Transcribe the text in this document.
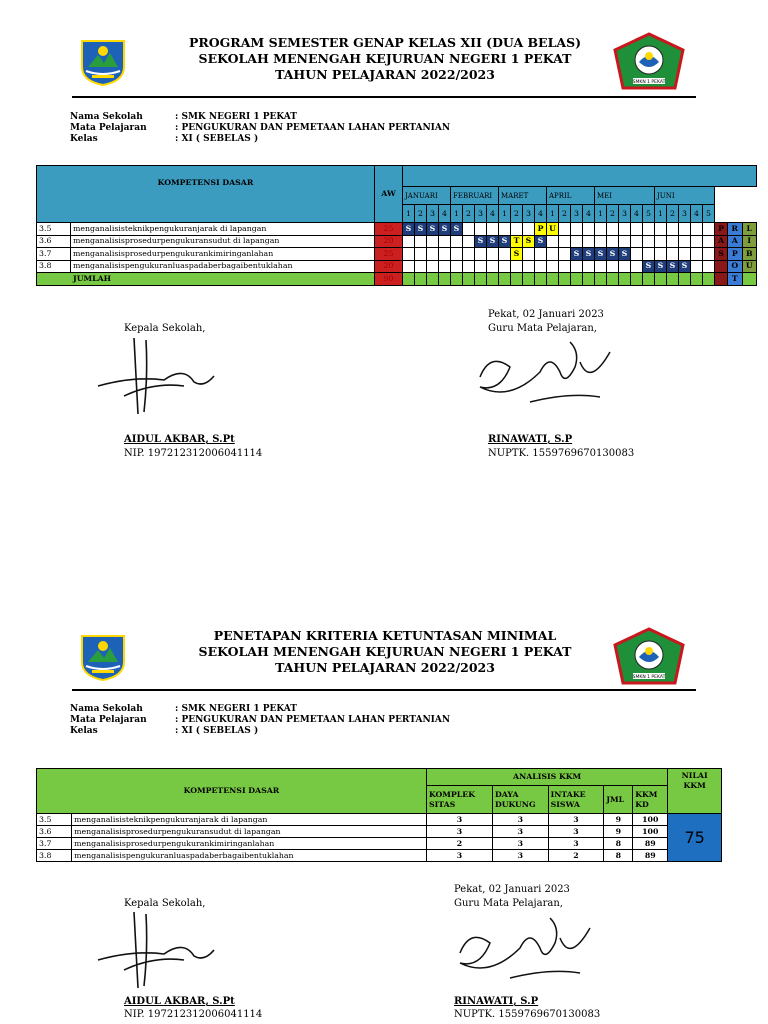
SMKN 1 PEKAT
PROGRAM SEMESTER GENAP KELAS XII (DUA BELAS)
SEKOLAH MENENGAH KEJURUAN NEGERI 1 PEKAT
TAHUN PELAJARAN 2022/2023
Nama Sekolah	: SMK NEGERI 1 PEKAT
Mata Pelajaran	: PENGUKURAN DAN PEMETAAN LAHAN PERTANIAN
Kelas	: XI ( SEBELAS )
KOMPETENSI DASAR		AW																													
			JANUARI				FEBRUARI				MARET				APRIL				MEI					JUNI							
			1	2	3	4	1	2	3	4	1	2	3	4	1	2	3	4	1	2	3	4	5	1	2	3	4	5			
3.5	menganalisisteknikpengukuranjarak di lapangan	25	S	S	S	S	S							P	U														P	R	L
3.6	menganalisisprosedurpengukuransudut di lapangan	20							S	S	S	T	S	S															A	A	I
3.7	menganalisisprosedurpengukurankimiringanlahan	25										S					S	S	S	S	S								S	P	B
3.8	menganalisispengukuranluaspadaberbagaibentuklahan	20																					S	S	S	S				O	U
JUMLAH		90																												T	
Pekat, 02 Januari 2023
Kepala Sekolah,	Guru Mata Pelajaran,
AIDUL AKBAR, S.Pt
NIP. 197212312006041114
RINAWATI, S.P
NUPTK. 1559769670130083
SMKN 1 PEKAT
PENETAPAN KRITERIA KETUNTASAN MINIMAL
SEKOLAH MENENGAH KEJURUAN NEGERI 1 PEKAT
TAHUN PELAJARAN 2022/2023
Nama Sekolah	: SMK NEGERI 1 PEKAT
Mata Pelajaran	: PENGUKURAN DAN PEMETAAN LAHAN PERTANIAN
Kelas	: XI ( SEBELAS )
KOMPETENSI DASAR		ANALISIS KKM					NILAI KKM
		KOMPLEK SITAS	DAYA DUKUNG	INTAKE SISWA	JML	KKM KD	
3.5	menganalisisteknikpengukuranjarak di lapangan	3	3	3	9	100	75
3.6	menganalisisprosedurpengukuransudut di lapangan	3	3	3	9	100	
3.7	menganalisisprosedurpengukurankimiringanlahan	2	3	3	8	89	
3.8	menganalisispengukuranluaspadaberbagaibentuklahan	3	3	2	8	89	
Pekat, 02 Januari 2023
Kepala Sekolah,	Guru Mata Pelajaran,
AIDUL AKBAR, S.Pt
NIP. 197212312006041114
RINAWATI, S.P
NUPTK. 1559769670130083
